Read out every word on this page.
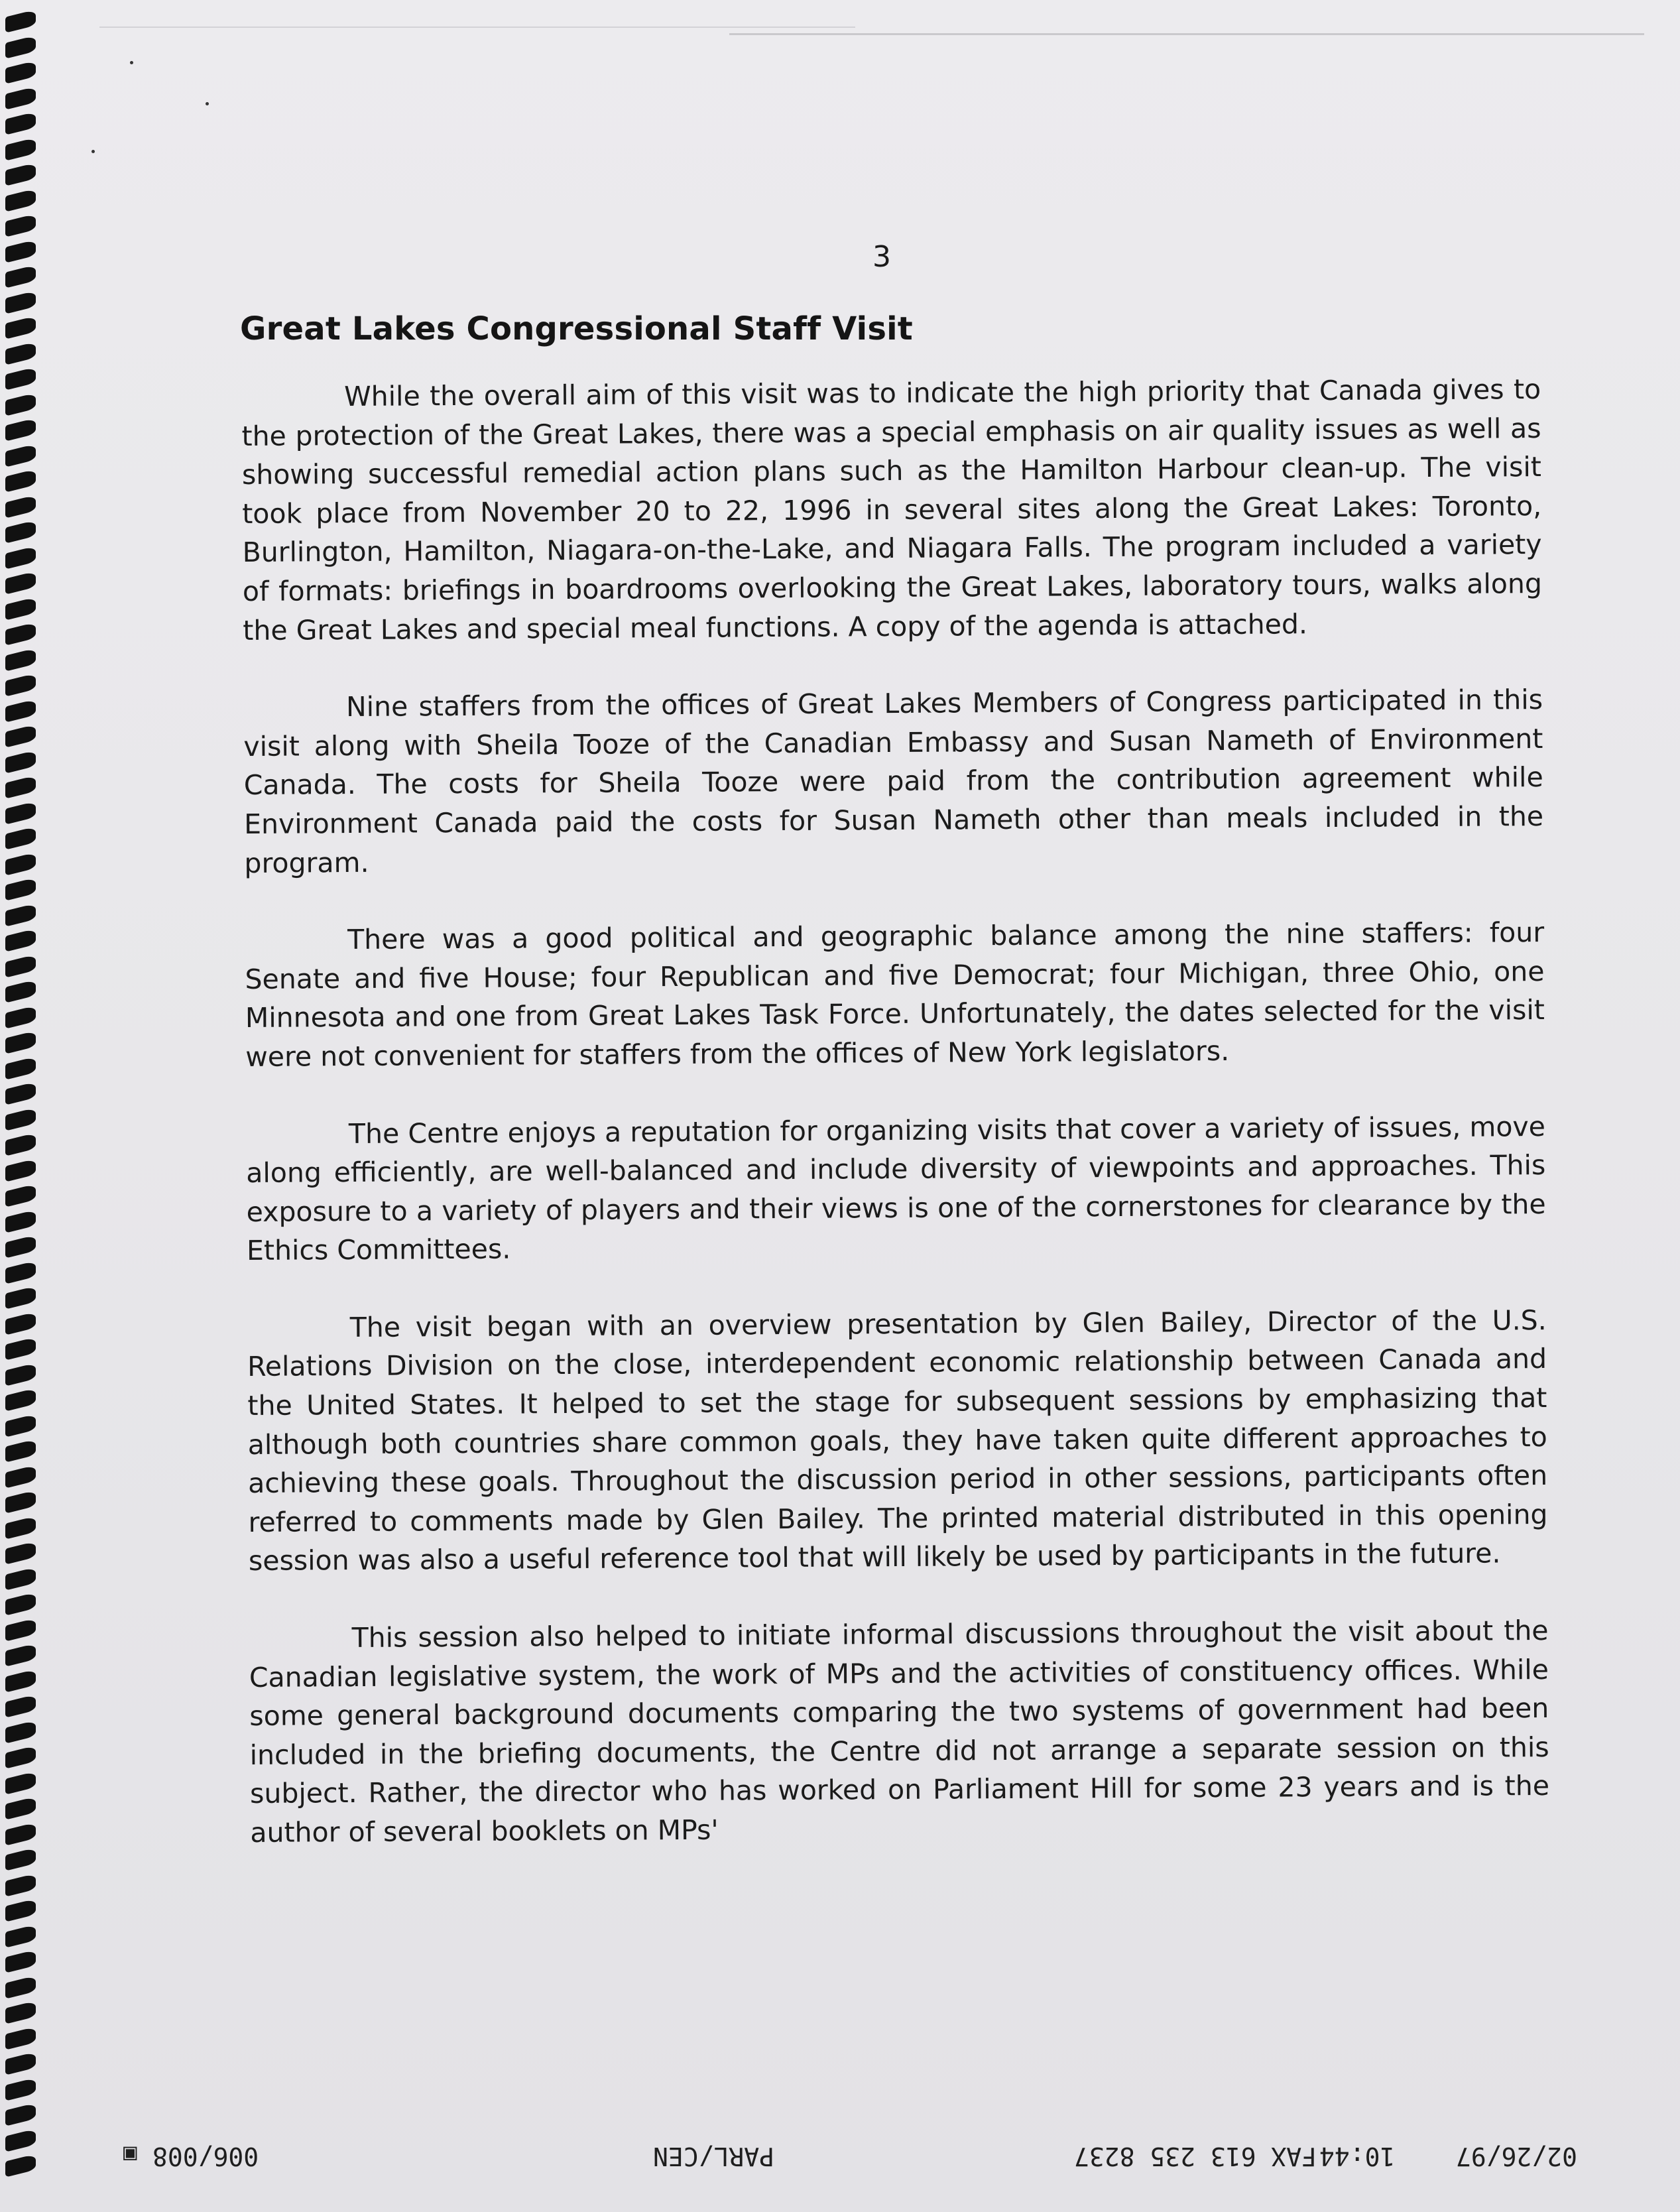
3
Great Lakes Congressional Staff Visit

While the overall aim of this visit was to indicate the high priority that Canada gives to the protection of the Great Lakes, there was a special emphasis on air quality issues as well as showing successful remedial action plans such as the Hamilton Harbour clean-up. The visit took place from November 20 to 22, 1996 in several sites along the Great Lakes: Toronto, Burlington, Hamilton, Niagara-on-the-Lake, and Niagara Falls. The program included a variety of formats: briefings in boardrooms overlooking the Great Lakes, laboratory tours, walks along the Great Lakes and special meal functions. A copy of the agenda is attached.

Nine staffers from the offices of Great Lakes Members of Congress participated in this visit along with Sheila Tooze of the Canadian Embassy and Susan Nameth of Environment Canada. The costs for Sheila Tooze were paid from the contribution agreement while Environment Canada paid the costs for Susan Nameth other than meals included in the program.

There was a good political and geographic balance among the nine staffers: four Senate and five House; four Republican and five Democrat; four Michigan, three Ohio, one Minnesota and one from Great Lakes Task Force. Unfortunately, the dates selected for the visit were not convenient for staffers from the offices of New York legislators.

The Centre enjoys a reputation for organizing visits that cover a variety of issues, move along efficiently, are well-balanced and include diversity of viewpoints and approaches. This exposure to a variety of players and their views is one of the cornerstones for clearance by the Ethics Committees.

The visit began with an overview presentation by Glen Bailey, Director of the U.S. Relations Division on the close, interdependent economic relationship between Canada and the United States. It helped to set the stage for subsequent sessions by emphasizing that although both countries share common goals, they have taken quite different approaches to achieving these goals. Throughout the discussion period in other sessions, participants often referred to comments made by Glen Bailey. The printed material distributed in this opening session was also a useful reference tool that will likely be used by participants in the future.

This session also helped to initiate informal discussions throughout the visit about the Canadian legislative system, the work of MPs and the activities of constituency offices. While some general background documents comparing the two systems of government had been included in the briefing documents, the Centre did not arrange a separate session on this subject. Rather, the director who has worked on Parliament Hill for some 23 years and is the author of several booklets on MPs'

02/26/97    10:44
FAX 613 235 8237
PARL/CEN
006/008
▣
